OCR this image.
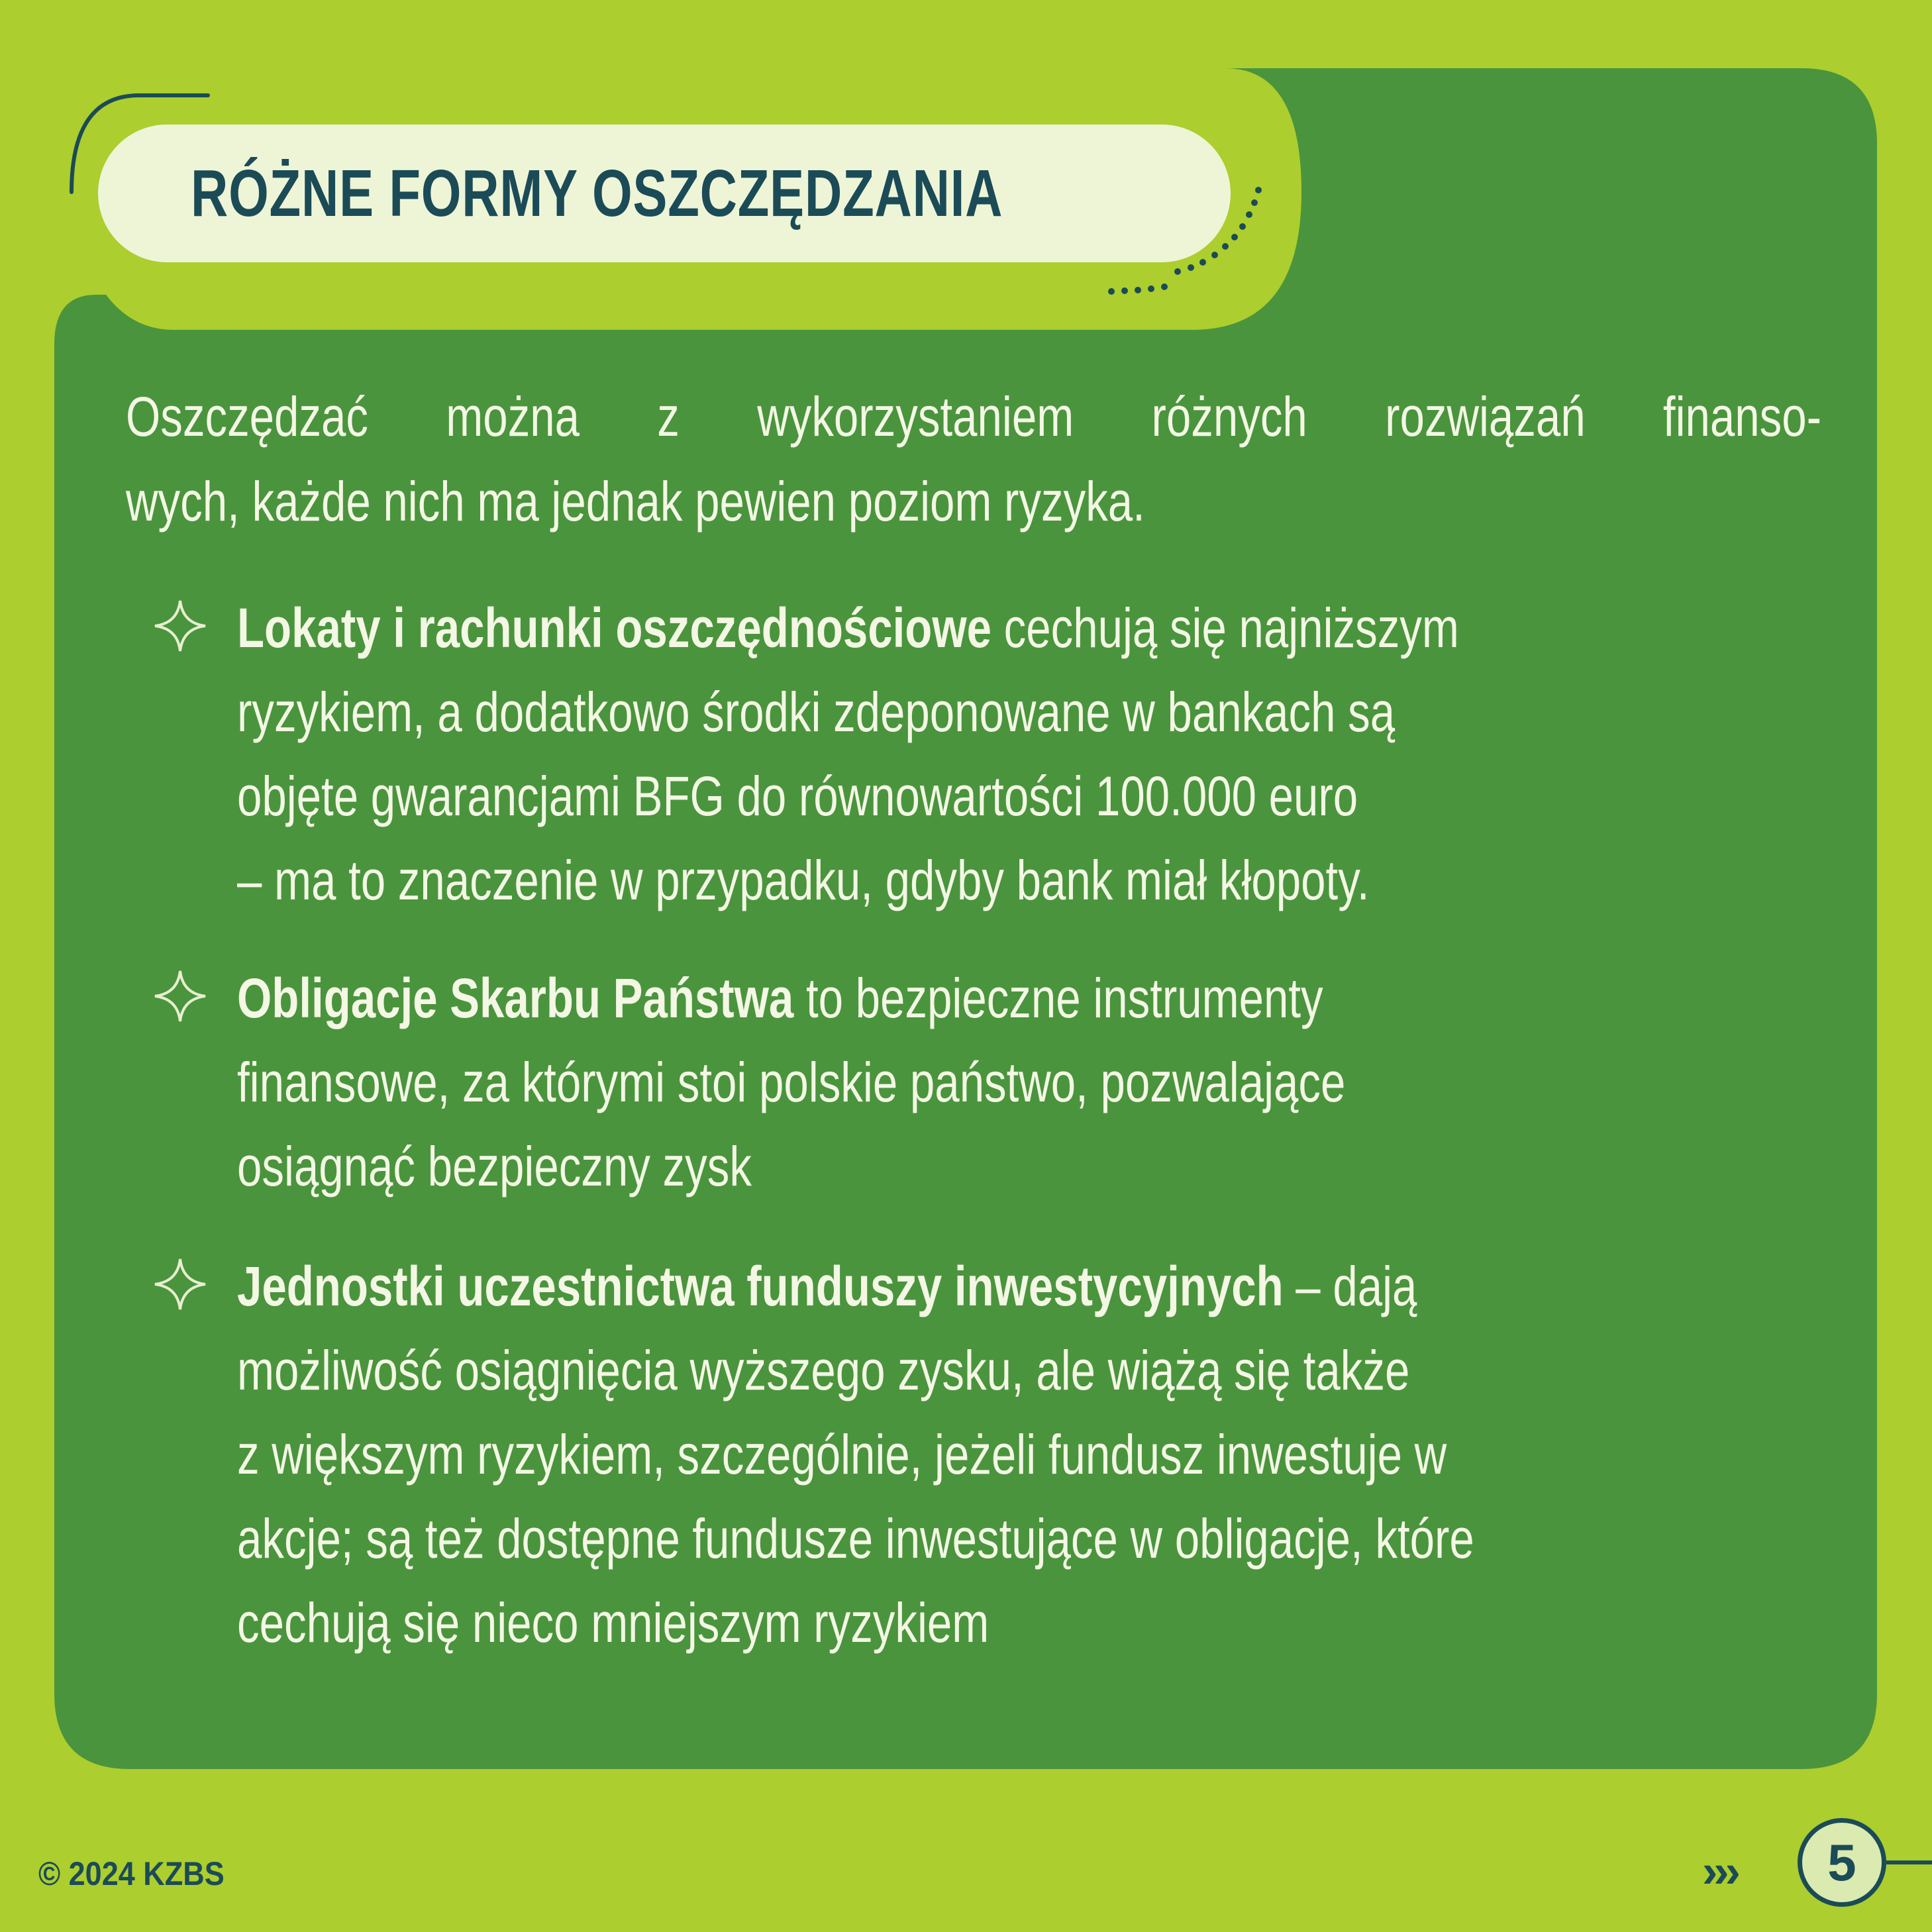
RÓŻNE FORMY OSZCZĘDZANIA
Oszczędzać można z wykorzystaniem różnych rozwiązań finanso-
wych, każde nich ma jednak pewien poziom ryzyka.
Lokaty i rachunki oszczędnościowe cechują się najniższym
ryzykiem, a dodatkowo środki zdeponowane w bankach są
objęte gwarancjami BFG do równowartości 100.000 euro
– ma to znaczenie w przypadku, gdyby bank miał kłopoty.
Obligacje Skarbu Państwa to bezpieczne instrumenty
finansowe, za którymi stoi polskie państwo, pozwalające
osiągnąć bezpieczny zysk
Jednostki uczestnictwa funduszy inwestycyjnych – dają
możliwość osiągnięcia wyższego zysku, ale wiążą się także
z większym ryzykiem, szczególnie, jeżeli fundusz inwestuje w
akcje; są też dostępne fundusze inwestujące w obligacje, które
cechują się nieco mniejszym ryzykiem
© 2024 KZBS	››› 5
